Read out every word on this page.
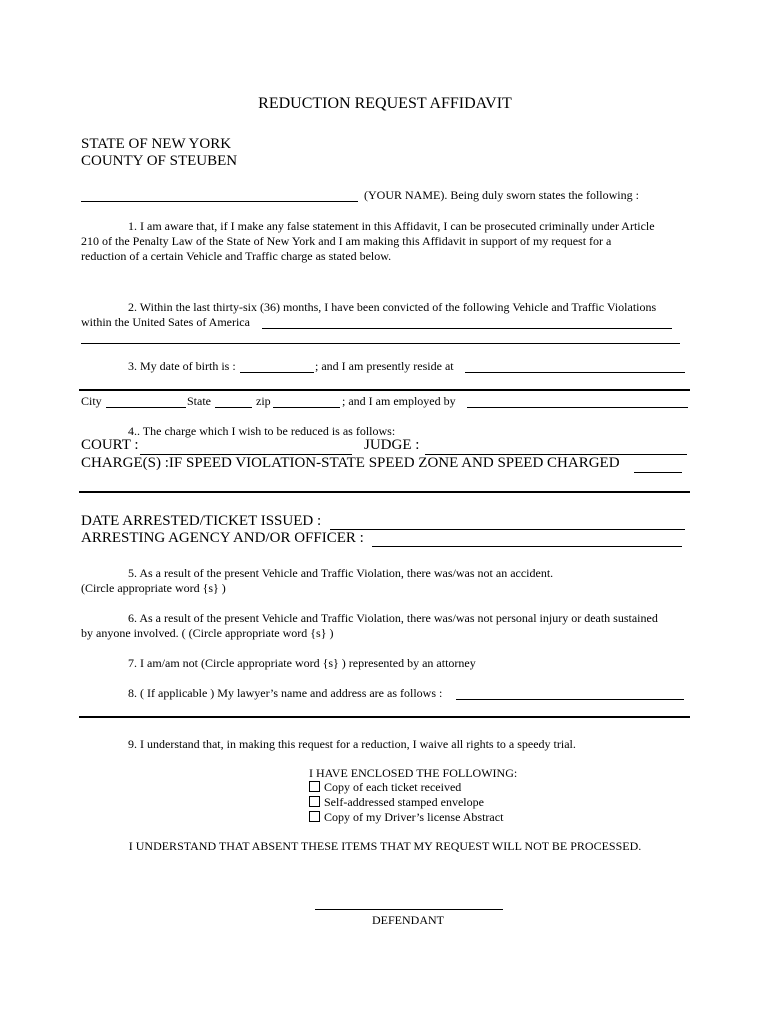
REDUCTION REQUEST AFFIDAVIT
STATE OF NEW YORK
COUNTY OF STEUBEN
(YOUR NAME). Being duly sworn states the following :
1. I am aware that, if I make any false statement in this Affidavit, I can be prosecuted criminally under Article
210 of the Penalty Law of the State of New York and I am making this Affidavit in support of my request for a
reduction of a certain Vehicle and Traffic charge as stated below.
2. Within the last thirty-six (36) months, I have been convicted of the following Vehicle and Traffic Violations
within the United Sates of America
3. My date of birth is :	; and I am presently reside at
City	State	zip	; and I am employed by
4.. The charge which I wish to be reduced is as follows:
COURT :	JUDGE :
CHARGE(S) :IF SPEED VIOLATION-STATE SPEED ZONE AND SPEED CHARGED
DATE ARRESTED/TICKET ISSUED :
ARRESTING AGENCY AND/OR OFFICER :
5. As a result of the present Vehicle and Traffic Violation, there was/was not an accident.
(Circle appropriate word {s} )
6. As a result of the present Vehicle and Traffic Violation, there was/was not personal injury or death sustained
by anyone involved. ( (Circle appropriate word {s} )
7. I am/am not (Circle appropriate word {s} ) represented by an attorney
8. ( If applicable ) My lawyer’s name and address are as follows :
9. I understand that, in making this request for a reduction, I waive all rights to a speedy trial.
I HAVE ENCLOSED THE FOLLOWING:
Copy of each ticket received
Self-addressed stamped envelope
Copy of my Driver’s license Abstract
I UNDERSTAND THAT ABSENT THESE ITEMS THAT MY REQUEST WILL NOT BE PROCESSED.
DEFENDANT
